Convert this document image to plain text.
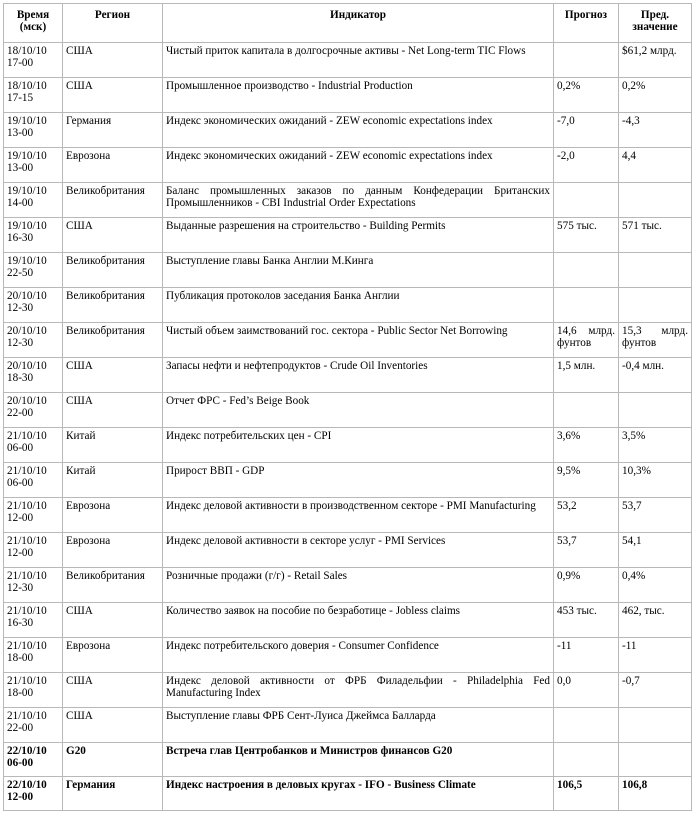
Время (мск)	Регион	Индикатор	Прогноз	Пред. значение
18/10/10 17-00	США	Чистый приток капитала в долгосрочные активы - Net Long-term TIC Flows		$61,2 млрд.
18/10/10 17-15	США	Промышленное производство - Industrial Production	0,2%	0,2%
19/10/10 13-00	Германия	Индекс экономических ожиданий - ZEW economic expectations index	-7,0	-4,3
19/10/10 13-00	Еврозона	Индекс экономических ожиданий - ZEW economic expectations index	-2,0	4,4
19/10/10 14-00	Великобритания	Баланс промышленных заказов по данным Конфедерации Британских Промышленников - CBI Industrial Order Expectations		
19/10/10 16-30	США	Выданные разрешения на строительство - Building Permits	575 тыс.	571 тыс.
19/10/10 22-50	Великобритания	Выступление главы Банка Англии М.Кинга		
20/10/10 12-30	Великобритания	Публикация протоколов заседания Банка Англии		
20/10/10 12-30	Великобритания	Чистый объем заимствований гос. сектора - Public Sector Net Borrowing	14,6 млрд. фунтов	15,3 млрд. фунтов
20/10/10 18-30	США	Запасы нефти и нефтепродуктов - Crude Oil Inventories	1,5 млн.	-0,4 млн.
20/10/10 22-00	США	Отчет ФРС - Fed’s Beige Book		
21/10/10 06-00	Китай	Индекс потребительских цен - CPI	3,6%	3,5%
21/10/10 06-00	Китай	Прирост ВВП - GDP	9,5%	10,3%
21/10/10 12-00	Еврозона	Индекс деловой активности в производственном секторе - PMI Manufacturing	53,2	53,7
21/10/10 12-00	Еврозона	Индекс деловой активности в секторе услуг - PMI Services	53,7	54,1
21/10/10 12-30	Великобритания	Розничные продажи (г/г) - Retail Sales	0,9%	0,4%
21/10/10 16-30	США	Количество заявок на пособие по безработице - Jobless claims	453 тыс.	462, тыс.
21/10/10 18-00	Еврозона	Индекс потребительского доверия - Consumer Confidence	-11	-11
21/10/10 18-00	США	Индекс деловой активности от ФРБ Филадельфии - Philadelphia Fed Manufacturing Index	0,0	-0,7
21/10/10 22-00	США	Выступление главы ФРБ Сент-Луиса Джеймса Балларда		
22/10/10 06-00	G20	Встреча глав Центробанков и Министров финансов G20		
22/10/10 12-00	Германия	Индекс настроения в деловых кругах - IFO - Business Climate	106,5	106,8
